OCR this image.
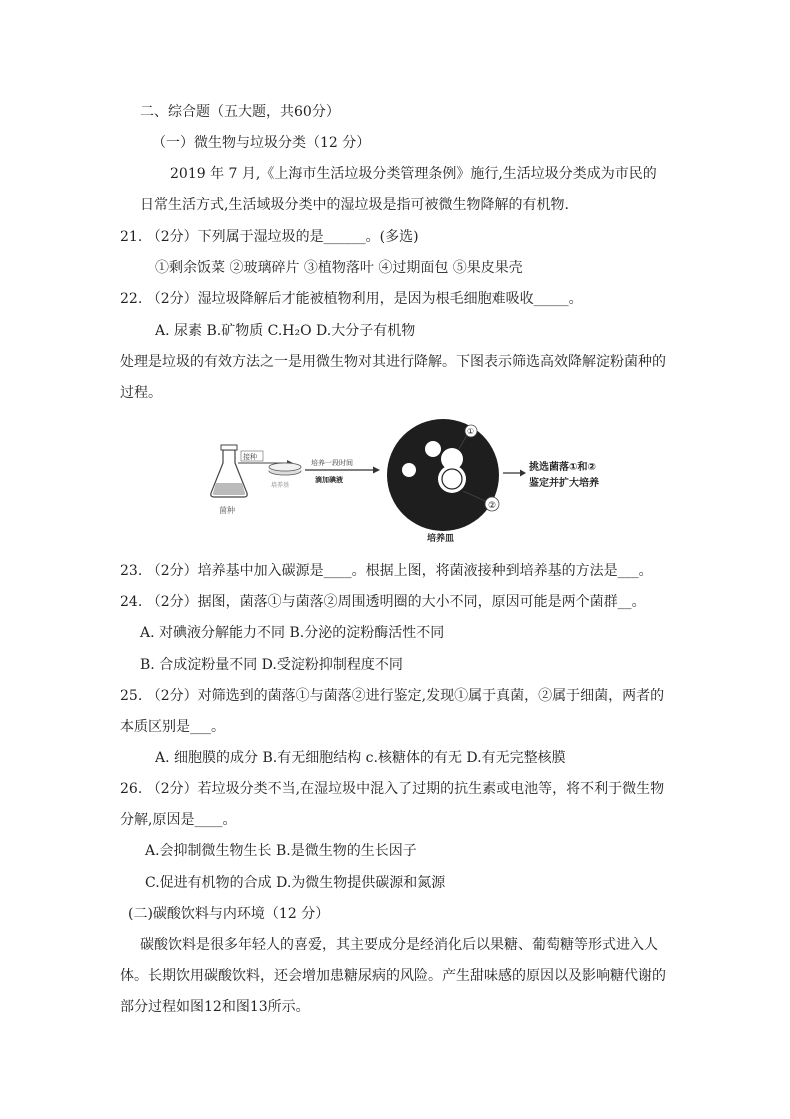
二、综合题（五大题，共60分）
（一）微生物与垃圾分类（12 分）
2019 年 7 月,《上海市生活垃圾分类管理条例》施行,生活垃圾分类成为市民的
日常生活方式,生活域圾分类中的湿垃圾是指可被微生物降解的有机物.
21. （2分）下列属于湿垃圾的是______。(多选)
①剩余饭菜 ②玻璃碎片 ③植物落叶 ④过期面包 ⑤果皮果壳
22. （2分）湿垃圾降解后才能被植物利用，是因为根毛细胞难吸收_____。
A. 尿素 B.矿物质 C.H₂O D.大分子有机物
处理是垃圾的有效方法之一是用微生物对其进行降解。下图表示筛选高效降解淀粉菌种的
过程。
菌种
接种
培养基
培养一段时间
滴加碘液
①
②
培养皿
挑选菌落①和②
鉴定并扩大培养
23. （2分）培养基中加入碳源是____。根据上图，将菌液接种到培养基的方法是___。
24. （2分）据图，菌落①与菌落②周围透明圈的大小不同，原因可能是两个菌群__。
A. 对碘液分解能力不同 B.分泌的淀粉酶活性不同
B. 合成淀粉量不同 D.受淀粉抑制程度不同
25. （2分）对筛选到的菌落①与菌落②进行鉴定,发现①属于真菌，②属于细菌，两者的
本质区别是___。
A. 细胞膜的成分 B.有无细胞结构 c.核糖体的有无 D.有无完整核膜
26. （2分）若垃圾分类不当,在湿垃圾中混入了过期的抗生素或电池等，将不利于微生物
分解,原因是____。
A.会抑制微生物生长 B.是微生物的生长因子
C.促进有机物的合成 D.为微生物提供碳源和氮源
(二)碳酸饮料与内环境（12 分）
碳酸饮料是很多年轻人的喜爱，其主要成分是经消化后以果糖、葡萄糖等形式进入人
体。长期饮用碳酸饮料，还会增加患糖尿病的风险。产生甜味感的原因以及影响糖代谢的
部分过程如图12和图13所示。
